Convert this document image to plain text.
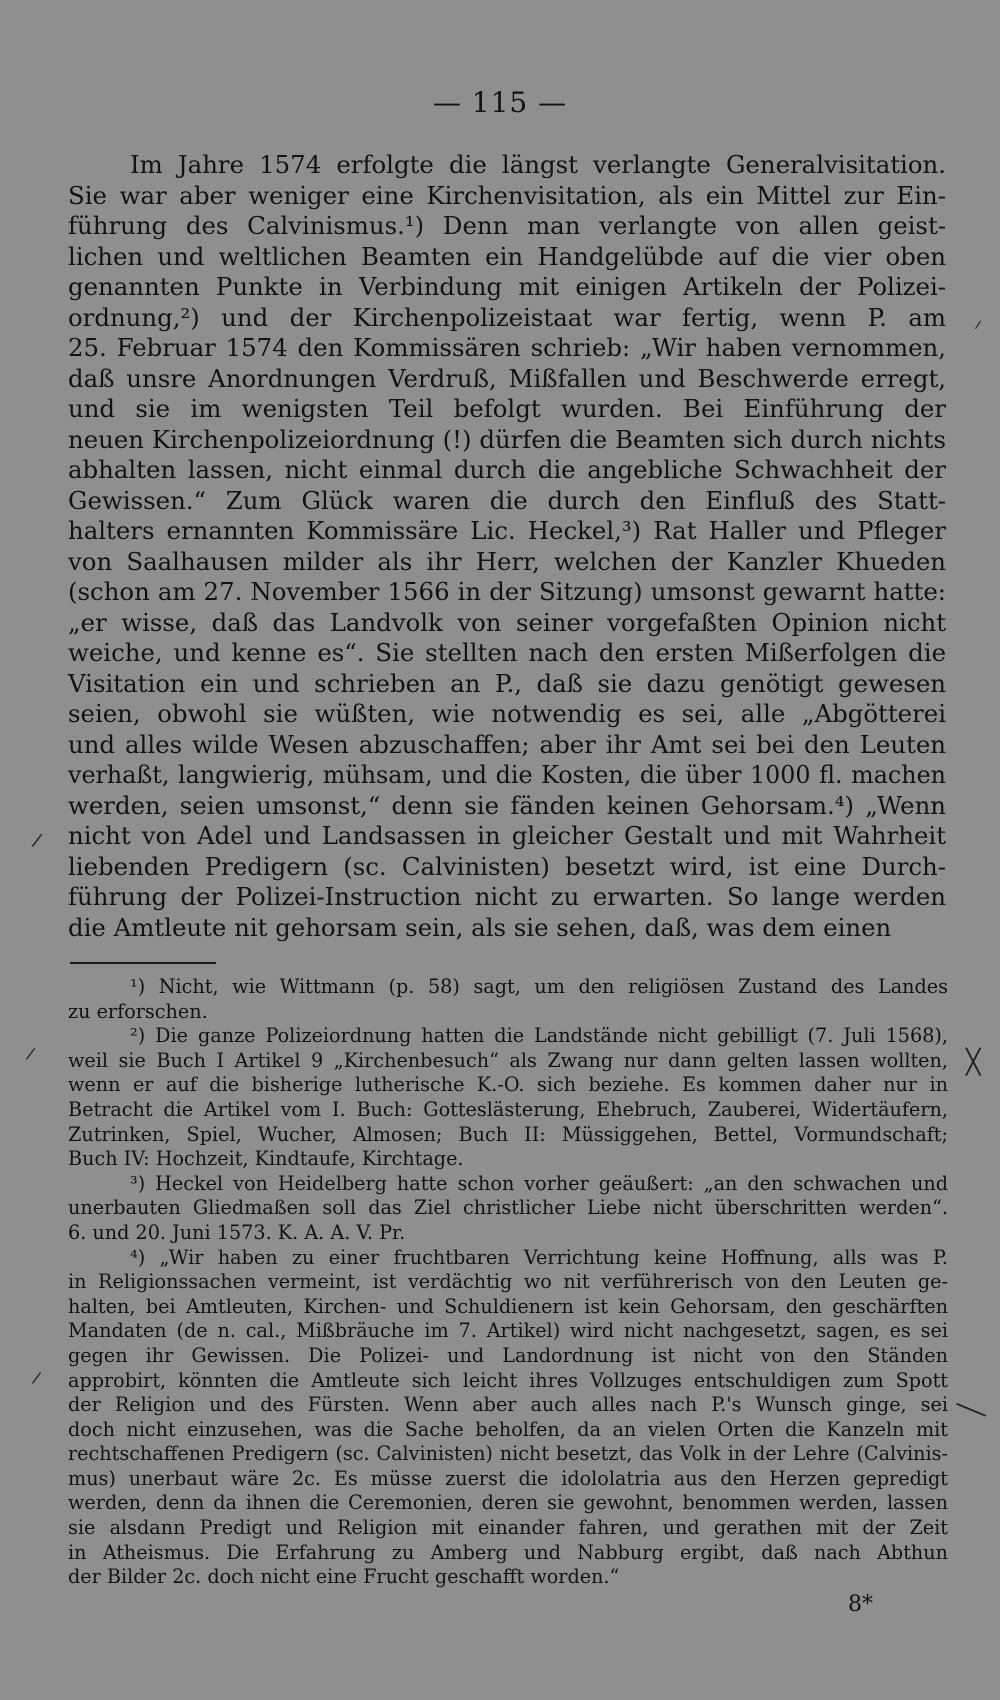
— 115 —
Im Jahre 1574 erfolgte die längst verlangte Generalvisitation.
Sie war aber weniger eine Kirchenvisitation, als ein Mittel zur Ein-
führung des Calvinismus.¹) Denn man verlangte von allen geist-
lichen und weltlichen Beamten ein Handgelübde auf die vier oben
genannten Punkte in Verbindung mit einigen Artikeln der Polizei-
ordnung,²) und der Kirchenpolizeistaat war fertig, wenn P. am
25. Februar 1574 den Kommissären schrieb: „Wir haben vernommen,
daß unsre Anordnungen Verdruß, Mißfallen und Beschwerde erregt,
und sie im wenigsten Teil befolgt wurden. Bei Einführung der
neuen Kirchenpolizeiordnung (!) dürfen die Beamten sich durch nichts
abhalten lassen, nicht einmal durch die angebliche Schwachheit der
Gewissen.“ Zum Glück waren die durch den Einfluß des Statt-
halters ernannten Kommissäre Lic. Heckel,³) Rat Haller und Pfleger
von Saalhausen milder als ihr Herr, welchen der Kanzler Khueden
(schon am 27. November 1566 in der Sitzung) umsonst gewarnt hatte:
„er wisse, daß das Landvolk von seiner vorgefaßten Opinion nicht
weiche, und kenne es“. Sie stellten nach den ersten Mißerfolgen die
Visitation ein und schrieben an P., daß sie dazu genötigt gewesen
seien, obwohl sie wüßten, wie notwendig es sei, alle „Abgötterei
und alles wilde Wesen abzuschaffen; aber ihr Amt sei bei den Leuten
verhaßt, langwierig, mühsam, und die Kosten, die über 1000 fl. machen
werden, seien umsonst,“ denn sie fänden keinen Gehorsam.⁴) „Wenn
nicht von Adel und Landsassen in gleicher Gestalt und mit Wahrheit
liebenden Predigern (sc. Calvinisten) besetzt wird, ist eine Durch-
führung der Polizei-Instruction nicht zu erwarten. So lange werden
die Amtleute nit gehorsam sein, als sie sehen, daß, was dem einen
¹) Nicht, wie Wittmann (p. 58) sagt, um den religiösen Zustand des Landes
zu erforschen.
²) Die ganze Polizeiordnung hatten die Landstände nicht gebilligt (7. Juli 1568),
weil sie Buch I Artikel 9 „Kirchenbesuch“ als Zwang nur dann gelten lassen wollten,
wenn er auf die bisherige lutherische K.-O. sich beziehe. Es kommen daher nur in
Betracht die Artikel vom I. Buch: Gotteslästerung, Ehebruch, Zauberei, Widertäufern,
Zutrinken, Spiel, Wucher, Almosen; Buch II: Müssiggehen, Bettel, Vormundschaft;
Buch IV: Hochzeit, Kindtaufe, Kirchtage.
³) Heckel von Heidelberg hatte schon vorher geäußert: „an den schwachen und
unerbauten Gliedmaßen soll das Ziel christlicher Liebe nicht überschritten werden“.
6. und 20. Juni 1573. K. A. A. V. Pr.
⁴) „Wir haben zu einer fruchtbaren Verrichtung keine Hoffnung, alls was P.
in Religionssachen vermeint, ist verdächtig wo nit verführerisch von den Leuten ge-
halten, bei Amtleuten, Kirchen- und Schuldienern ist kein Gehorsam, den geschärften
Mandaten (de n. cal., Mißbräuche im 7. Artikel) wird nicht nachgesetzt, sagen, es sei
gegen ihr Gewissen. Die Polizei- und Landordnung ist nicht von den Ständen
approbirt, könnten die Amtleute sich leicht ihres Vollzuges entschuldigen zum Spott
der Religion und des Fürsten. Wenn aber auch alles nach P.'s Wunsch ginge, sei
doch nicht einzusehen, was die Sache beholfen, da an vielen Orten die Kanzeln mit
rechtschaffenen Predigern (sc. Calvinisten) nicht besetzt, das Volk in der Lehre (Calvinis-
mus) unerbaut wäre 2c. Es müsse zuerst die idololatria aus den Herzen gepredigt
werden, denn da ihnen die Ceremonien, deren sie gewohnt, benommen werden, lassen
sie alsdann Predigt und Religion mit einander fahren, und gerathen mit der Zeit
in Atheismus. Die Erfahrung zu Amberg und Nabburg ergibt, daß nach Abthun
der Bilder 2c. doch nicht eine Frucht geschafft worden.“
8*
⸝
/
/	╳
/
╲
